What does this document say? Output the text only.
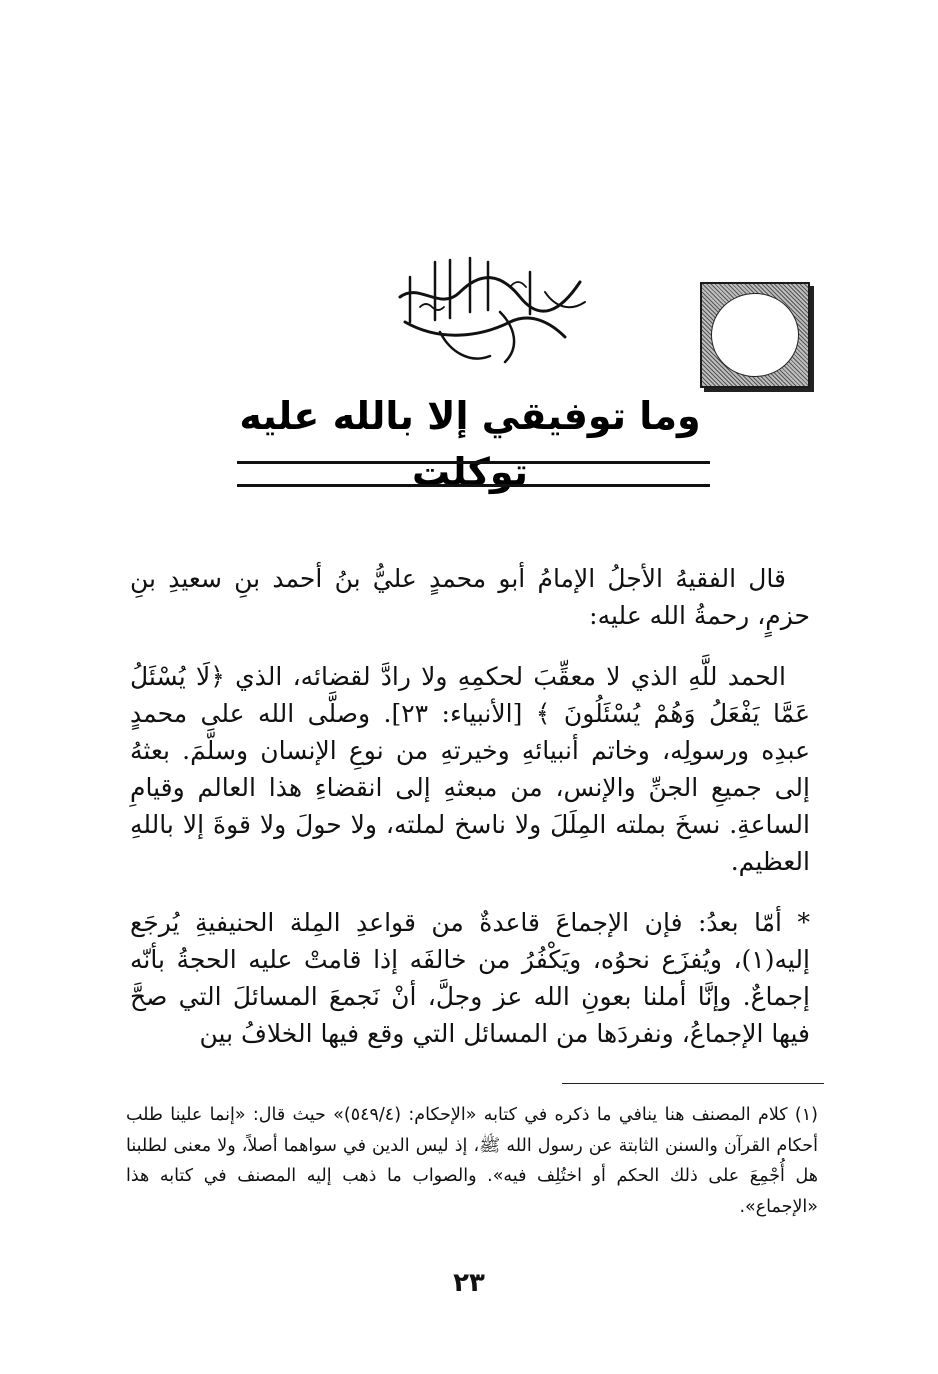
وما توفيقي إلا بالله عليه توكلت

قال الفقيهُ الأجلُ الإمامُ أبو محمدٍ عليُّ بنُ أحمد بنِ سعيدِ بنِ حزمٍ، رحمةُ الله عليه:

الحمد للَّهِ الذي لا معقِّبَ لحكمِهِ ولا رادَّ لقضائه، الذي ﴿لَا يُسْئَلُ عَمَّا يَفْعَلُ وَهُمْ يُسْئَلُونَ ﴾ [الأنبياء: ٢٣]. وصلَّى الله على محمدٍ عبدِه ورسولِه، وخاتم أنبيائهِ وخيرتهِ من نوعِ الإنسان وسلَّمَ. بعثهُ إلى جميعِ الجنِّ والإنس، من مبعثهِ إلى انقضاءِ هذا العالم وقيامِ الساعةِ. نسخَ بملته المِلَلَ ولا ناسخ لملته، ولا حولَ ولا قوةَ إلا باللهِ العظيم.

* أمّا بعدُ: فإن الإجماعَ قاعدةٌ من قواعدِ المِلة الحنيفيةِ يُرجَع إليه(١)، ويُفزَع نحوُه، ويَكْفُرُ من خالفَه إذا قامتْ عليه الحجةُ بأنّه إجماعٌ. وإنَّا أملنا بعونِ الله عز وجلَّ، أنْ نَجمعَ المسائلَ التي صحَّ فيها الإجماعُ، ونفردَها من المسائل التي وقع فيها الخلافُ بين

(١) كلام المصنف هنا ينافي ما ذكره في كتابه «الإحكام: (٥٤٩/٤)» حيث قال: «إنما علينا طلب أحكام القرآن والسنن الثابتة عن رسول الله ﷺ، إذ ليس الدين في سواهما أصلاً، ولا معنى لطلبنا هل أُجْمِعَ على ذلك الحكم أو اختُلِف فيه». والصواب ما ذهب إليه المصنف في كتابه هذا «الإجماع».

٢٣
